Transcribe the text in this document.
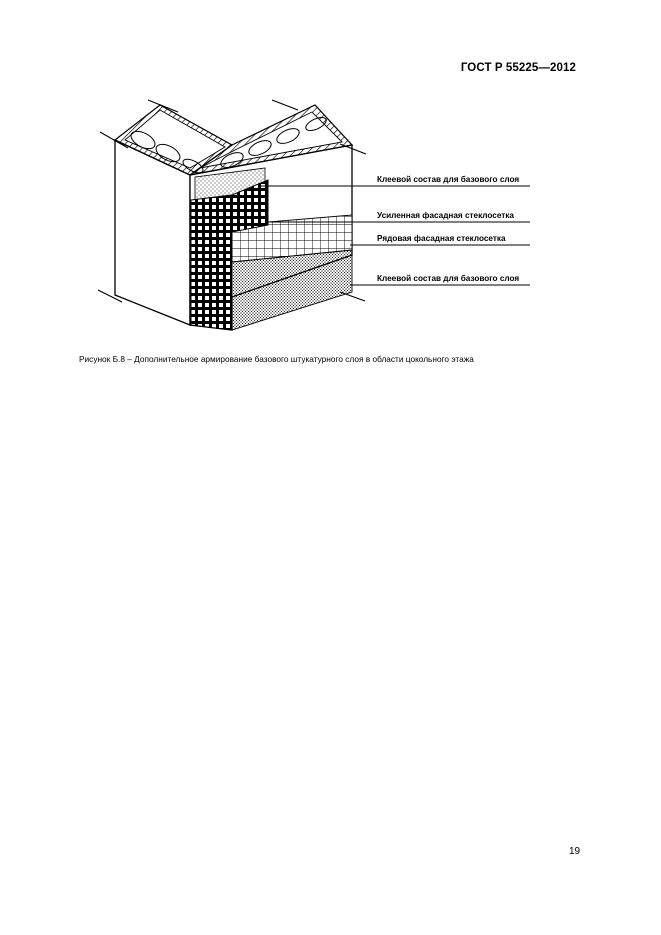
ГОСТ Р 55225—2012
Клеевой состав для базового слоя
Усиленная фасадная стеклосетка
Рядовая фасадная стеклосетка
Клеевой состав для базового слоя
Рисунок Б.8 – Дополнительное армирование базового штукатурного слоя в области цокольного этажа
19
